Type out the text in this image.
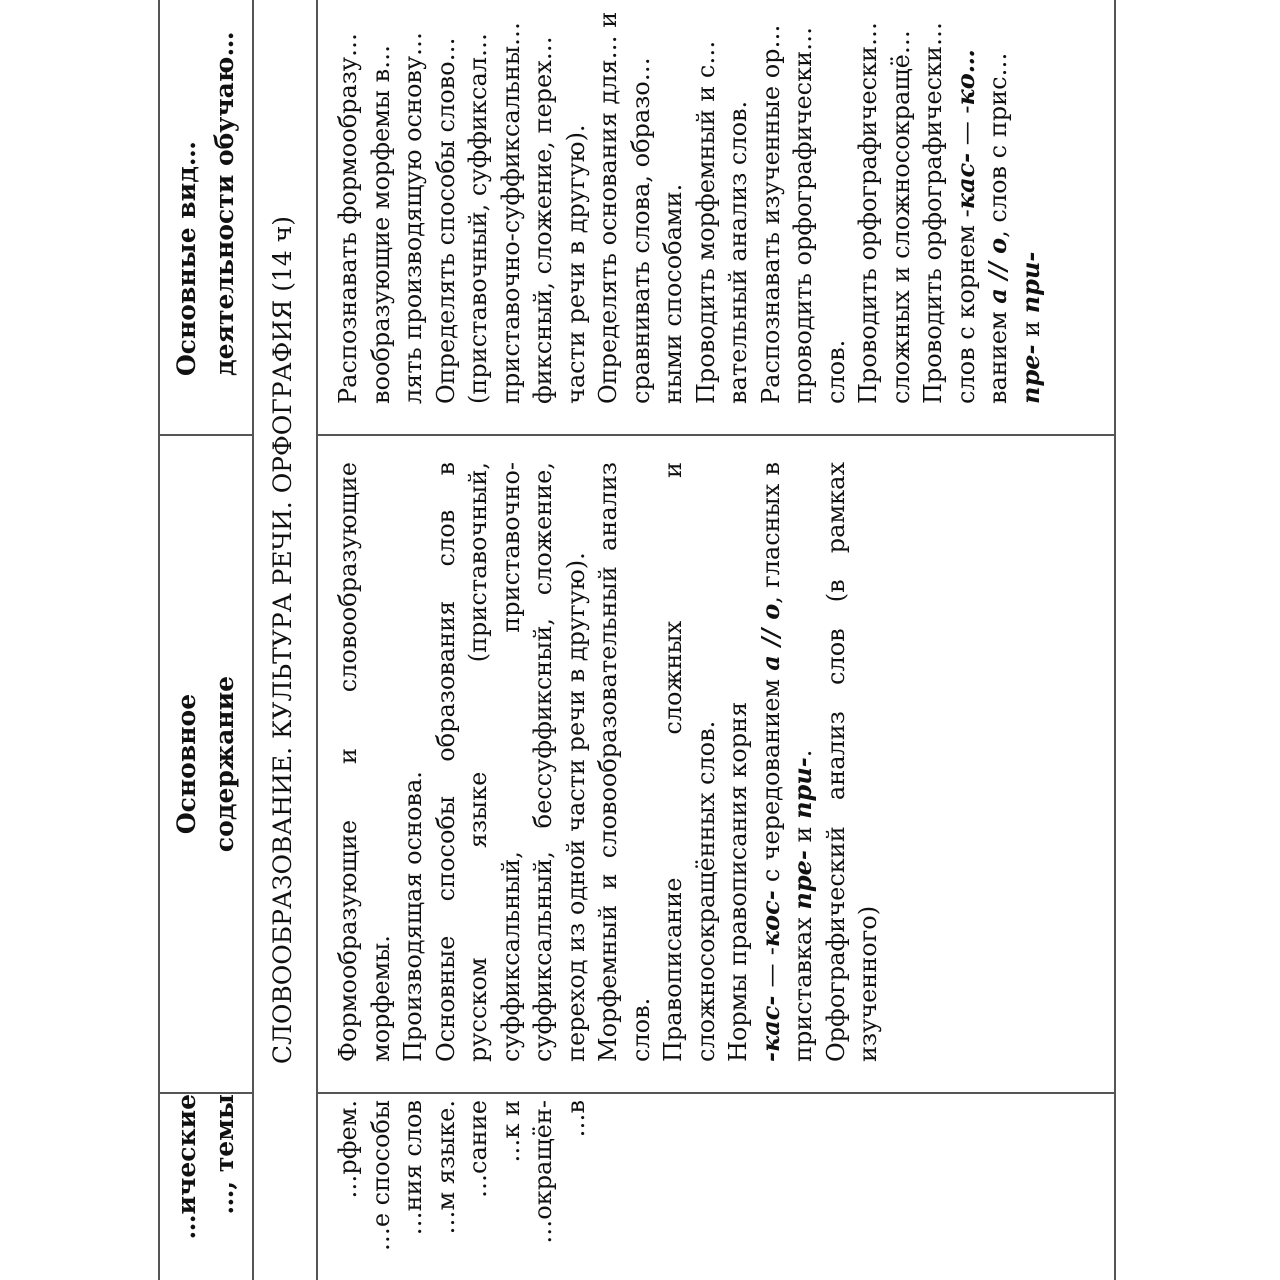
…ические
…, темы
Основное
содержание
Основные вид…
деятельности обучаю…
СЛОВООБРАЗОВАНИЕ. КУЛЬТУРА РЕЧИ. ОРФОГРАФИЯ (14 ч)

…рфем. …е способы …ния слов …м языке. …сание …к и …окращён- …в

Формообразующие и словообразующие морфемы. Производящая основа. Основные способы образования слов в русском языке (приставочный, суффиксальный, приставочно-суффиксальный, бессуффиксный, сложение, переход из одной части речи в другую). Морфемный и словообразовательный анализ слов. Правописание сложных и сложносокращённых слов. Нормы правописания корня -кас- — -кос- с чередованием а // о, гласных в приставках пре- и при-. Орфографический анализ слов (в рамках изученного)

Распознавать формообразу… вообразующие морфемы в… лять производящую основу… Определять способы слово… (приставочный, суффиксал… приставочно-суффиксальны… фиксный, сложение, перех… части речи в другую). Определять основания для… и сравнивать слова, образо… ными способами. Проводить морфемный и с… вательный анализ слов. Распознавать изученные ор… проводить орфографически… слов. Проводить орфографически… сложных и сложносокращё… Проводить орфографически… слов с корнем -кас- — -ко… ванием а // о, слов с прис… пре- и при-
